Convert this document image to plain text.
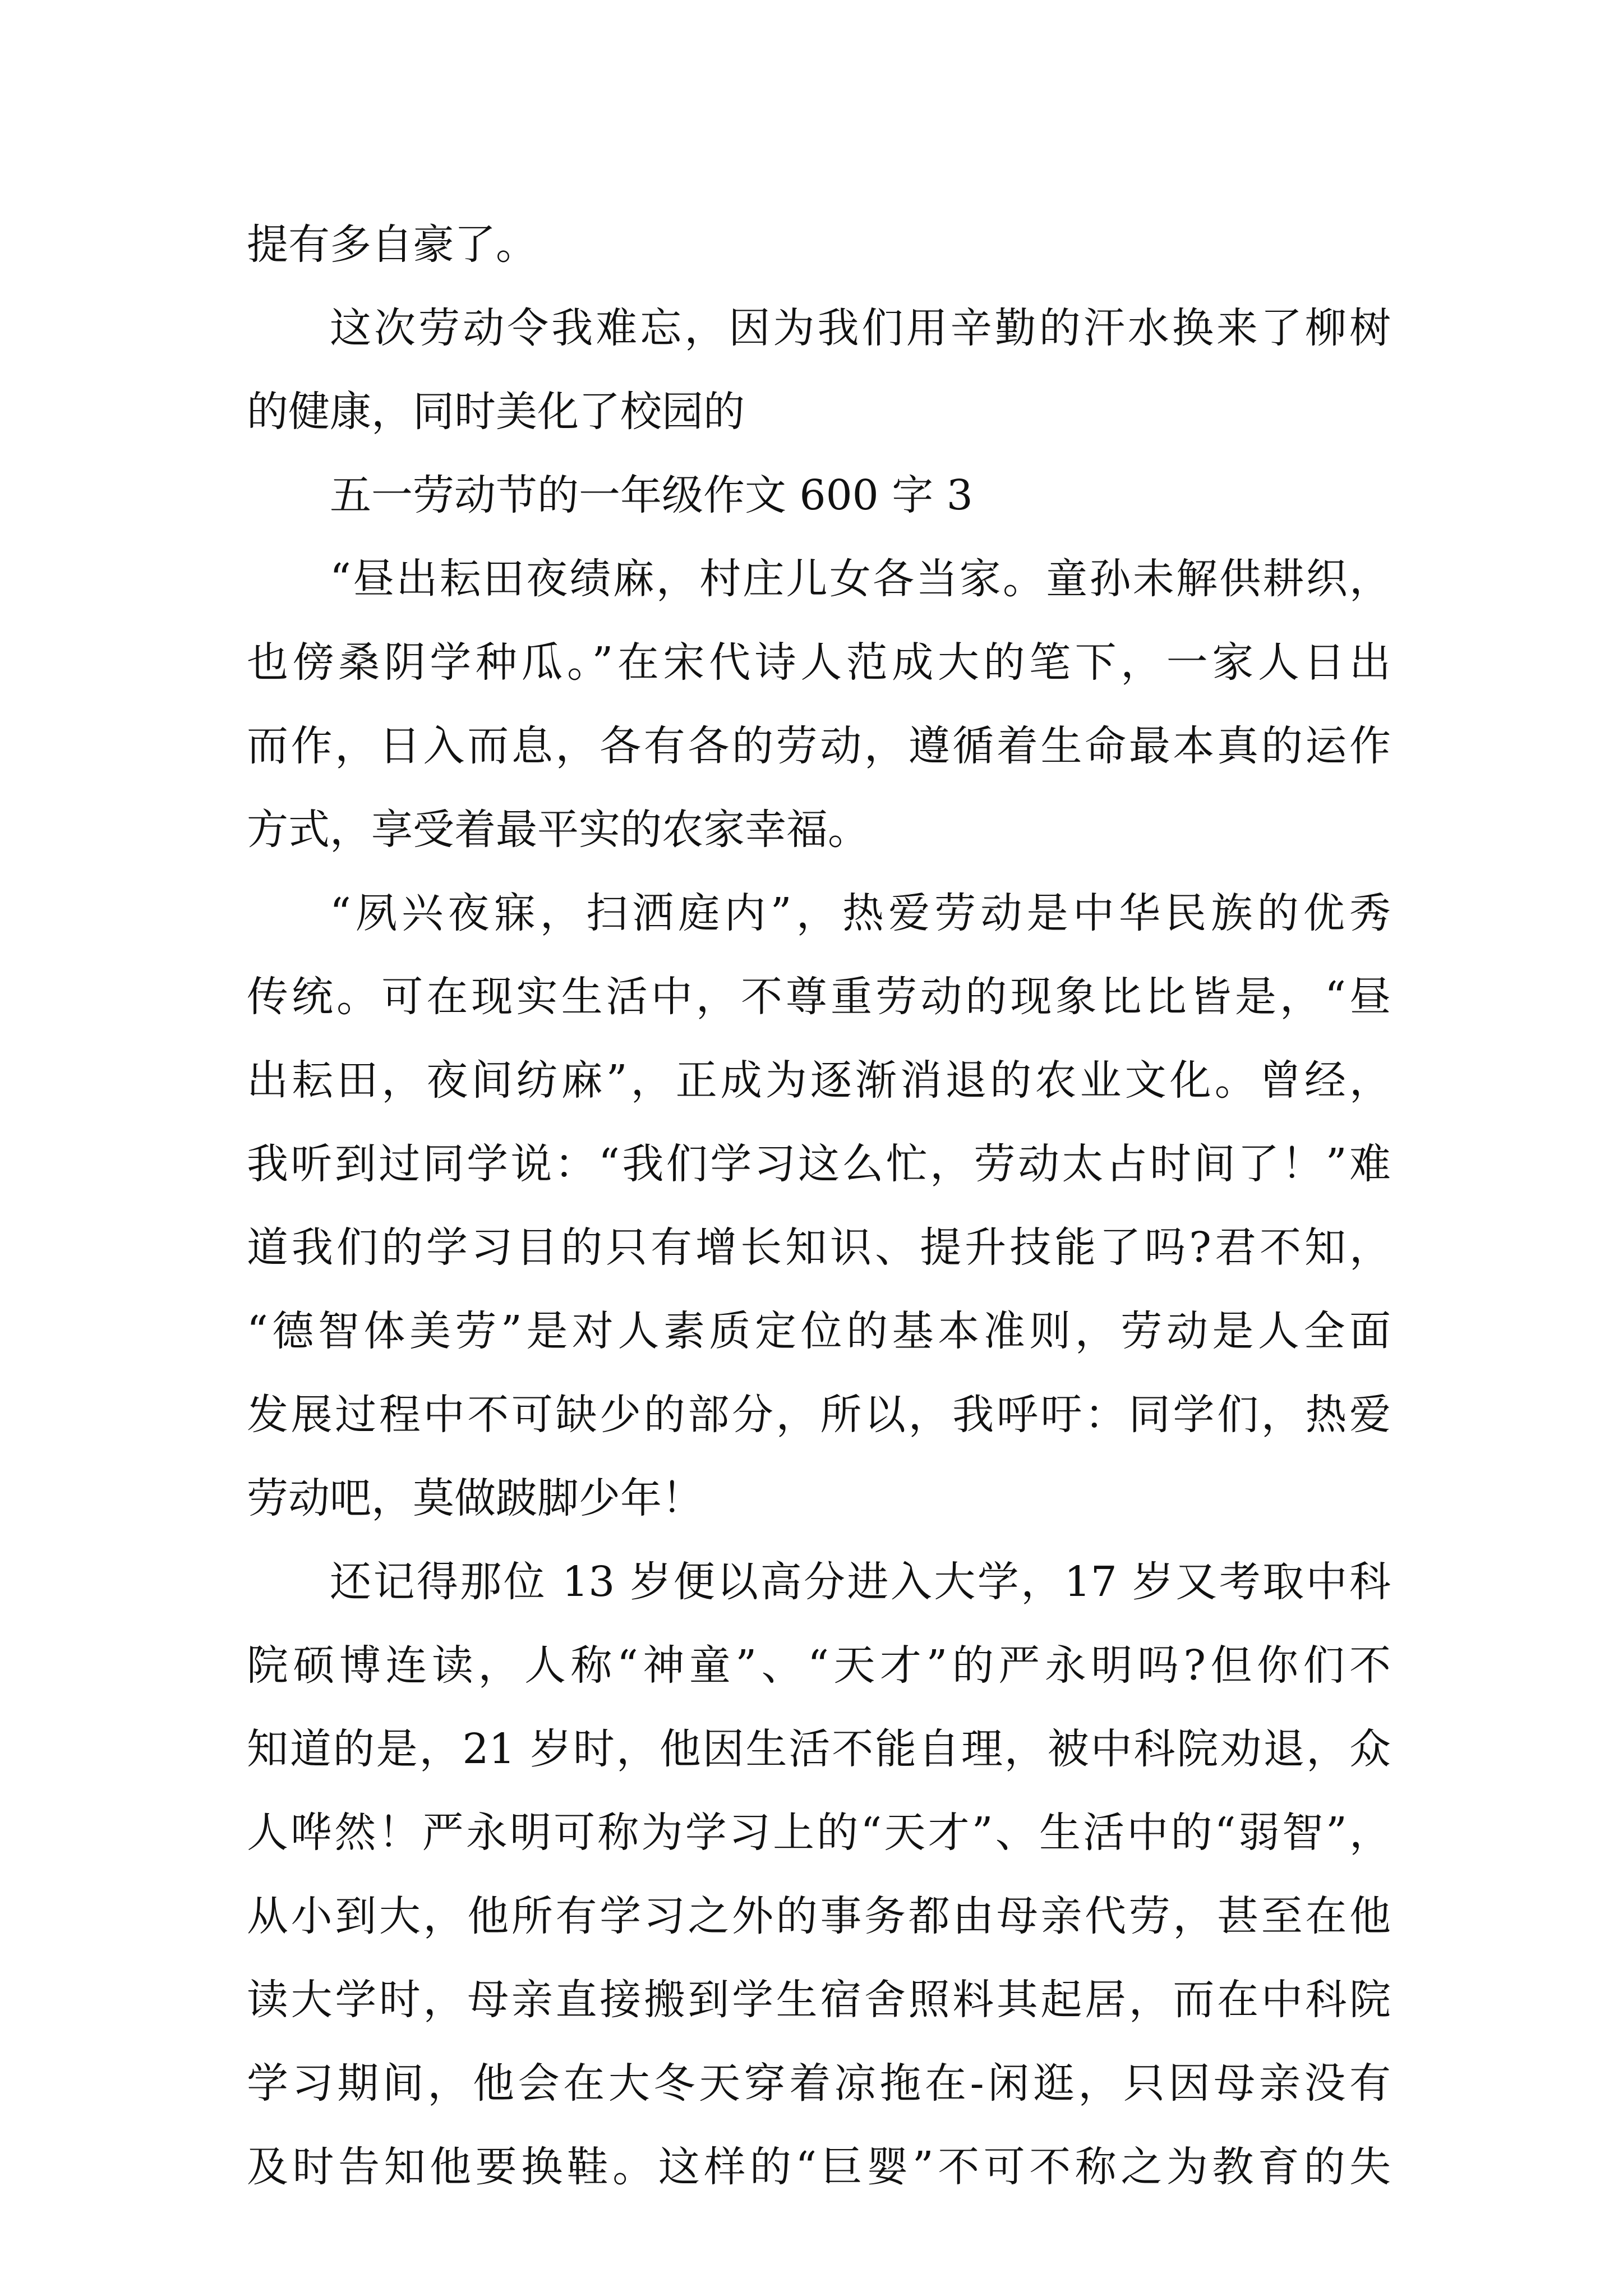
提有多自豪了。
这次劳动令我难忘，因为我们用辛勤的汗水换来了柳树
的健康，同时美化了校园的
五一劳动节的一年级作文 600 字 3
“昼出耘田夜绩麻，村庄儿女各当家。童孙未解供耕织，
也傍桑阴学种瓜。”在宋代诗人范成大的笔下，一家人日出
而作，日入而息，各有各的劳动，遵循着生命最本真的运作
方式，享受着最平实的农家幸福。
“夙兴夜寐，扫洒庭内”，热爱劳动是中华民族的优秀
传统。可在现实生活中，不尊重劳动的现象比比皆是，“昼
出耘田，夜间纺麻”，正成为逐渐消退的农业文化。曾经，
我听到过同学说：“我们学习这么忙，劳动太占时间了！”难
道我们的学习目的只有增长知识、提升技能了吗?君不知，
“德智体美劳”是对人素质定位的基本准则，劳动是人全面
发展过程中不可缺少的部分，所以，我呼吁：同学们，热爱
劳动吧，莫做跛脚少年！
还记得那位 13 岁便以高分进入大学，17 岁又考取中科
院硕博连读，人称“神童”、“天才”的严永明吗?但你们不
知道的是，21 岁时，他因生活不能自理，被中科院劝退，众
人哗然！严永明可称为学习上的“天才”、生活中的“弱智”，
从小到大，他所有学习之外的事务都由母亲代劳，甚至在他
读大学时，母亲直接搬到学生宿舍照料其起居，而在中科院
学习期间，他会在大冬天穿着凉拖在-闲逛，只因母亲没有
及时告知他要换鞋。这样的“巨婴”不可不称之为教育的失
